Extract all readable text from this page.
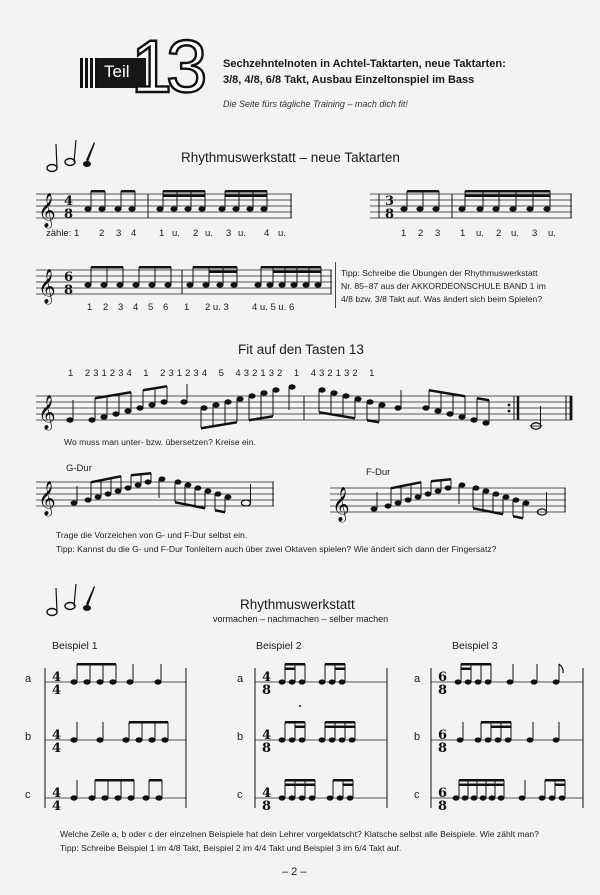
Teil 13 Sechzehntelnoten in Achtel-Taktarten, neue Taktarten:
3/8, 4/8, 6/8 Takt, Ausbau Einzeltonspiel im Bass
Die Seite fürs tägliche Training – mach dich fit!
Rhythmuswerkstatt – neue Taktarten
𝄞 4
8
zähle: 1 2 3 4 1 u. 2 u. 3 u. 4 u.
3
8
1 2 3 1 u. 2 u. 3 u.
𝄞 6
8
1 2 3 4 5 6 1 2 u. 3 4 u. 5 u. 6
Tipp: Schreibe die Übungen der Rhythmuswerkstatt
Nr. 85–87 aus der AKKORDEONSCHULE BAND 1 im
4/8 bzw. 3/8 Takt auf. Was ändert sich beim Spielen?
Fit auf den Tasten 13
1    2 3 1 2 3 4    1    2 3 1 2 3 4    5    4 3 2 1 3 2    1    4 3 2 1 3 2    1
𝄞
Wo muss man unter- bzw. übersetzen? Kreise ein.
G-Dur
𝄞
F-Dur
𝄞
Trage die Vorzeichen von G- und F-Dur selbst ein.
Tipp: Kannst du die G- und F-Dur Tonleitern auch über zwei Oktaven spielen? Wie ändert sich dann der Fingersatz?
Rhythmuswerkstatt
vormachen – nachmachen – selber machen
Beispiel 1	Beispiel 2	Beispiel 3
a
b
c
a
b
c
a
b
c
4
4
4
4
4
4
4
8
4
8
4
8
6
8
6
8
6
8
Welche Zeile a, b oder c der einzelnen Beispiele hat dein Lehrer vorgeklatscht? Klatsche selbst alle Beispiele. Wie zählt man?
Tipp: Schreibe Beispiel 1 im 4/8 Takt, Beispiel 2 im 4/4 Takt und Beispiel 3 im 6/4 Takt auf.
– 2 –
